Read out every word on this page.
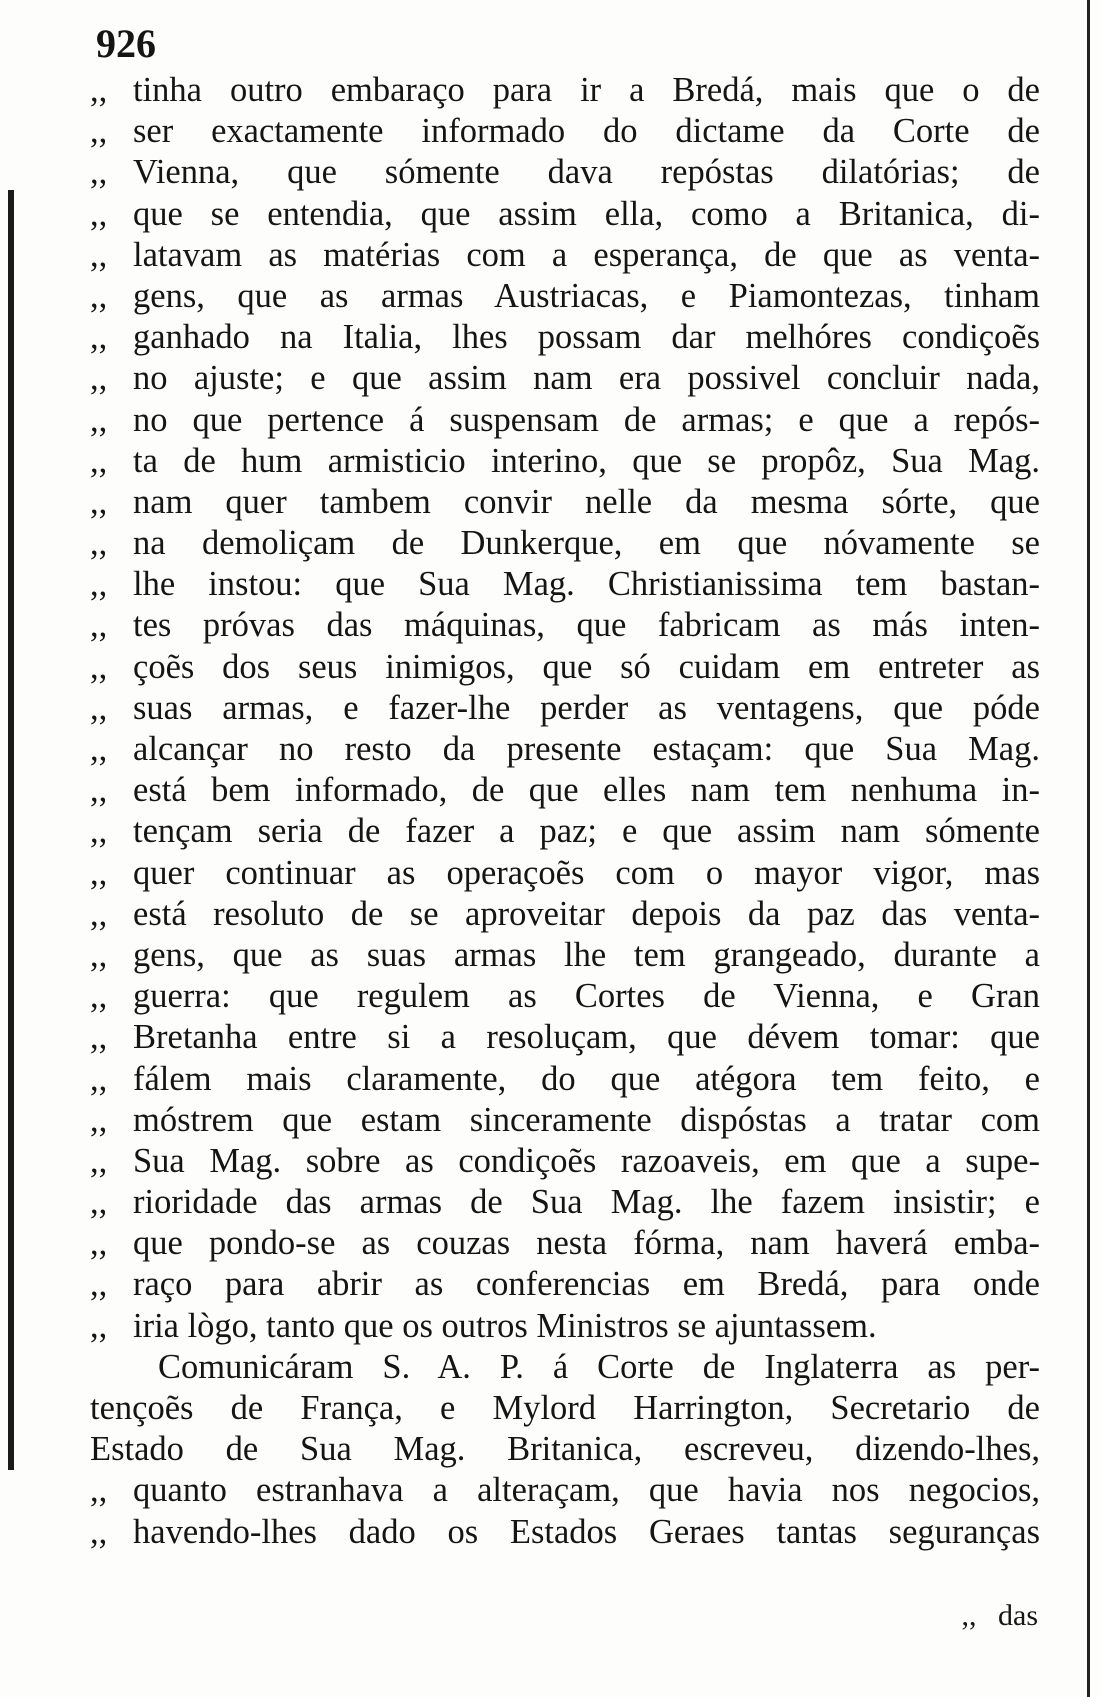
926
,, tinha outro embaraço para ir a Bredá, mais que o de
,, ser exactamente informado do dictame da Corte de
,, Vienna, que sómente dava repóstas dilatórias; de
,, que se entendia, que assim ella, como a Britanica, di-
,, latavam as matérias com a esperança, de que as venta-
,, gens, que as armas Austriacas, e Piamontezas, tinham
,, ganhado na Italia, lhes possam dar melhóres condiçoẽs
,, no ajuste; e que assim nam era possivel concluir nada,
,, no que pertence á suspensam de armas; e que a repós-
,, ta de hum armisticio interino, que se propôz, Sua Mag.
,, nam quer tambem convir nelle da mesma sórte, que
,, na demoliçam de Dunkerque, em que nóvamente se
,, lhe instou: que Sua Mag. Christianissima tem bastan-
,, tes próvas das máquinas, que fabricam as más inten-
,, çoẽs dos seus inimigos, que só cuidam em entreter as
,, suas armas, e fazer-lhe perder as ventagens, que póde
,, alcançar no resto da presente estaçam: que Sua Mag.
,, está bem informado, de que elles nam tem nenhuma in-
,, tençam seria de fazer a paz; e que assim nam sómente
,, quer continuar as operaçoẽs com o mayor vigor, mas
,, está resoluto de se aproveitar depois da paz das venta-
,, gens, que as suas armas lhe tem grangeado, durante a
,, guerra: que regulem as Cortes de Vienna, e Gran
,, Bretanha entre si a resoluçam, que dévem tomar: que
,, fálem mais claramente, do que atégora tem feito, e
,, móstrem que estam sinceramente dispóstas a tratar com
,, Sua Mag. sobre as condiçoẽs razoaveis, em que a supe-
,, rioridade das armas de Sua Mag. lhe fazem insistir; e
,, que pondo-se as couzas nesta fórma, nam haverá emba-
,, raço para abrir as conferencias em Bredá, para onde
,, iria lògo, tanto que os outros Ministros se ajuntassem.
Comunicáram S. A. P. á Corte de Inglaterra as per-
tençoẽs de França, e Mylord Harrington, Secretario de
Estado de Sua Mag. Britanica, escreveu, dizendo-lhes,
,, quanto estranhava a alteraçam, que havia nos negocios,
,, havendo-lhes dado os Estados Geraes tantas seguranças
,, das
